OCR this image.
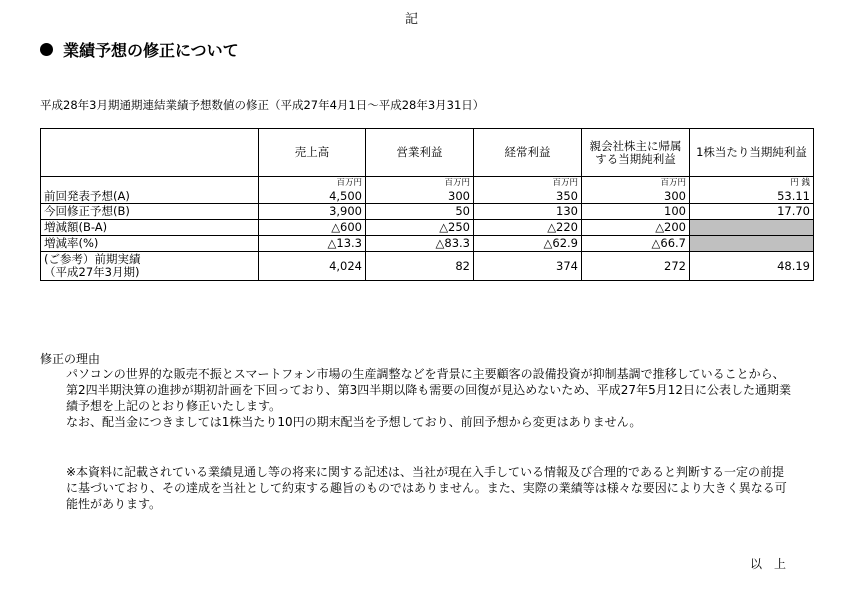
記
業績予想の修正について
平成28年3月期通期連結業績予想数値の修正（平成27年4月1日～平成28年3月31日）
	売上高	営業利益	経常利益	親会社株主に帰属する当期純利益	1株当たり当期純利益
	百万円	百万円	百万円	百万円	円 銭
前回発表予想(A)	4,500	300	350	300	53.11
今回修正予想(B)	3,900	50	130	100	17.70
増減額(B-A)	△600	△250	△220	△200	
増減率(%)	△13.3	△83.3	△62.9	△66.7	

(ご参考）前期実績
（平成27年3月期)	4,024	82	374	272	48.19
修正の理由

パソコンの世界的な販売不振とスマートフォン市場の生産調整などを背景に主要顧客の設備投資が抑制基調で推移していることから、第2四半期決算の進捗が期初計画を下回っており、第3四半期以降も需要の回復が見込めないため、平成27年5月12日に公表した通期業績予想を上記のとおり修正いたします。

なお、配当金につきましては1株当たり10円の期末配当を予想しており、前回予想から変更はありません。

※本資料に記載されている業績見通し等の将来に関する記述は、当社が現在入手している情報及び合理的であると判断する一定の前提に基づいており、その達成を当社として約束する趣旨のものではありません。また、実際の業績等は様々な要因により大きく異なる可能性があります。
以上
